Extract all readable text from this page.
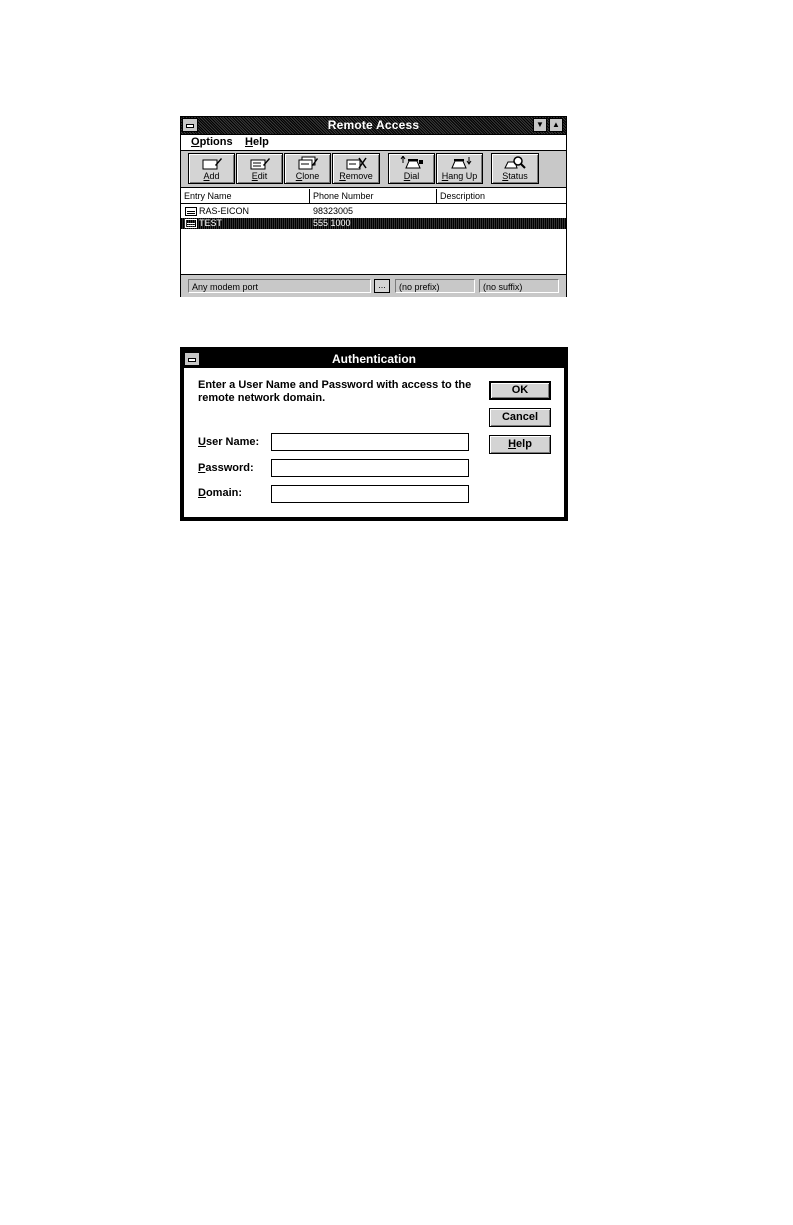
Remote Access	▼	▲
Options Help
Add	Edit	Clone	Remove	Dial	Hang Up	Status
Entry Name	Phone Number	Description
RAS-EICON	98323005
TEST	555 1000
Any modem port	...	(no prefix)	(no suffix)
Authentication
Enter a User Name and Password with access to the remote network domain.
User Name:
Password:
Domain:
OK
Cancel
Help
